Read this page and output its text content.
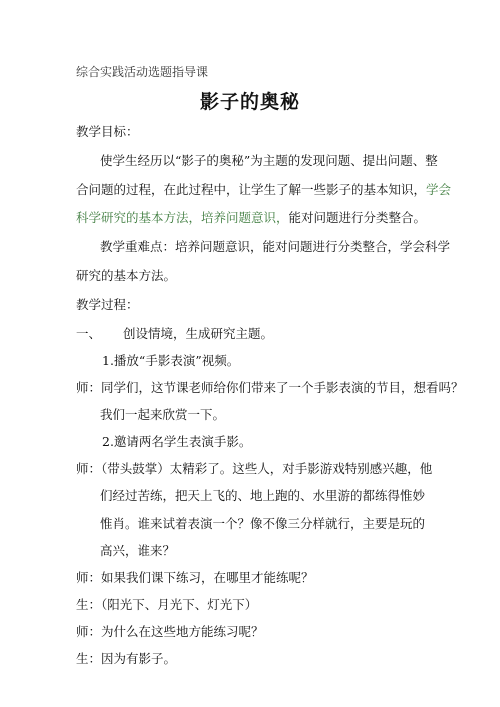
综合实践活动选题指导课
影子的奥秘
教学目标：
使学生经历以“影子的奥秘”为主题的发现问题、提出问题、整
合问题的过程，在此过程中，让学生了解一些影子的基本知识，学会
科学研究的基本方法，培养问题意识，能对问题进行分类整合。
教学重难点：培养问题意识，能对问题进行分类整合，学会科学
研究的基本方法。
教学过程：
一、 创设情境，生成研究主题。
1.播放“手影表演”视频。
师：同学们，这节课老师给你们带来了一个手影表演的节目，想看吗？
我们一起来欣赏一下。
2.邀请两名学生表演手影。
师：（带头鼓掌）太精彩了。这些人，对手影游戏特别感兴趣，他
们经过苦练，把天上飞的、地上跑的、水里游的都练得惟妙
惟肖。谁来试着表演一个？像不像三分样就行，主要是玩的
高兴，谁来？
师：如果我们课下练习，在哪里才能练呢？
生：（阳光下、月光下、灯光下）
师：为什么在这些地方能练习呢？
生：因为有影子。
